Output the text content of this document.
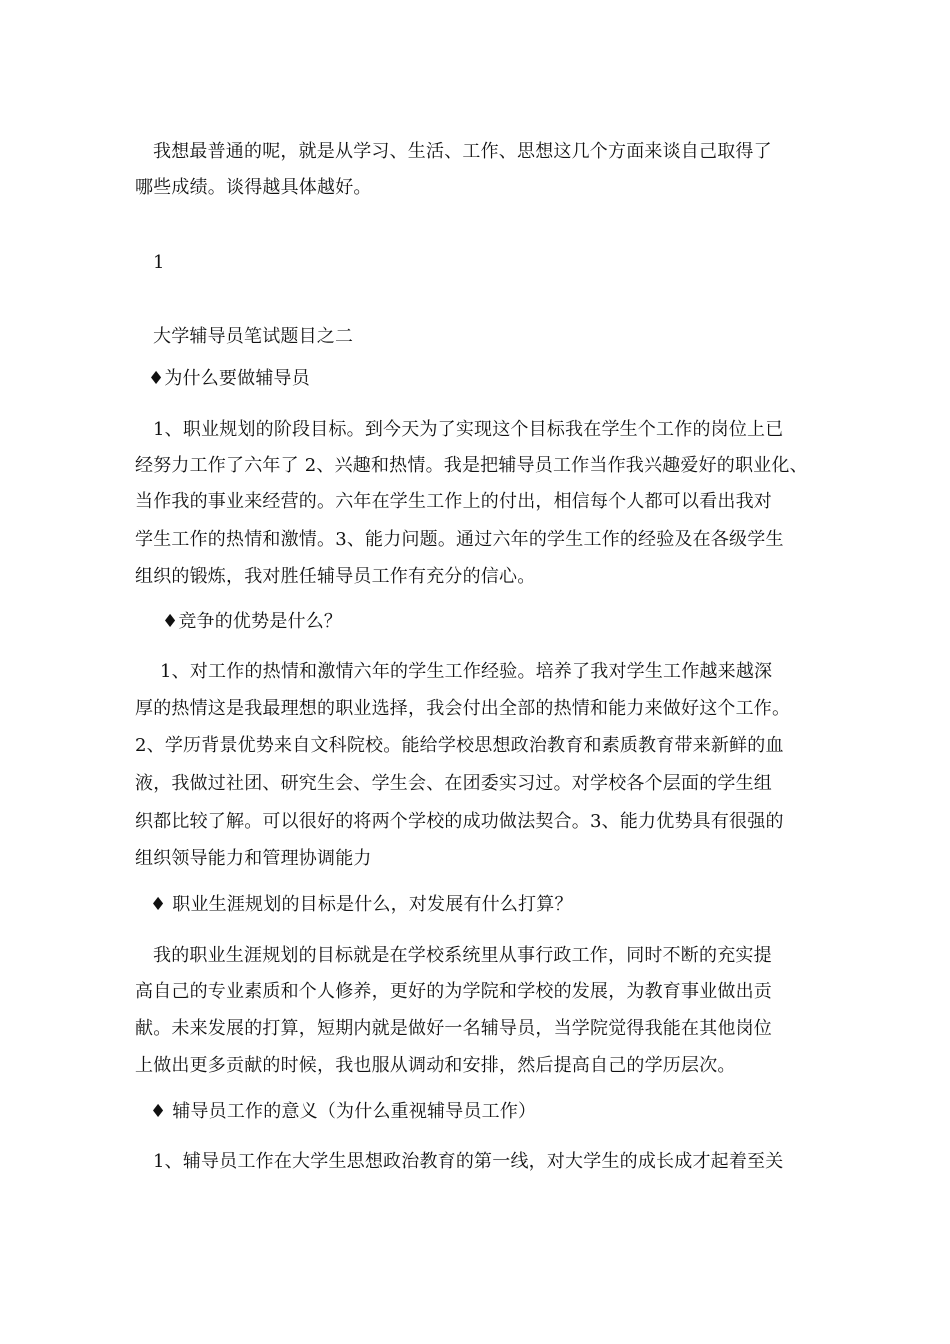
我想最普通的呢，就是从学习、生活、工作、思想这几个方面来谈自己取得了
哪些成绩。谈得越具体越好。
1
大学辅导员笔试题目之二
♦为什么要做辅导员
1、职业规划的阶段目标。到今天为了实现这个目标我在学生个工作的岗位上已
经努力工作了六年了 2、兴趣和热情。我是把辅导员工作当作我兴趣爱好的职业化、
当作我的事业来经营的。六年在学生工作上的付出，相信每个人都可以看出我对
学生工作的热情和激情。3、能力问题。通过六年的学生工作的经验及在各级学生
组织的锻炼，我对胜任辅导员工作有充分的信心。
♦竞争的优势是什么？
1、对工作的热情和激情六年的学生工作经验。培养了我对学生工作越来越深
厚的热情这是我最理想的职业选择，我会付出全部的热情和能力来做好这个工作。
2、学历背景优势来自文科院校。能给学校思想政治教育和素质教育带来新鲜的血
液，我做过社团、研究生会、学生会、在团委实习过。对学校各个层面的学生组
织都比较了解。可以很好的将两个学校的成功做法契合。3、能力优势具有很强的
组织领导能力和管理协调能力
♦ 职业生涯规划的目标是什么，对发展有什么打算？
我的职业生涯规划的目标就是在学校系统里从事行政工作，同时不断的充实提
高自己的专业素质和个人修养，更好的为学院和学校的发展，为教育事业做出贡
献。未来发展的打算，短期内就是做好一名辅导员，当学院觉得我能在其他岗位
上做出更多贡献的时候，我也服从调动和安排，然后提高自己的学历层次。
♦ 辅导员工作的意义（为什么重视辅导员工作）
1、辅导员工作在大学生思想政治教育的第一线，对大学生的成长成才起着至关
